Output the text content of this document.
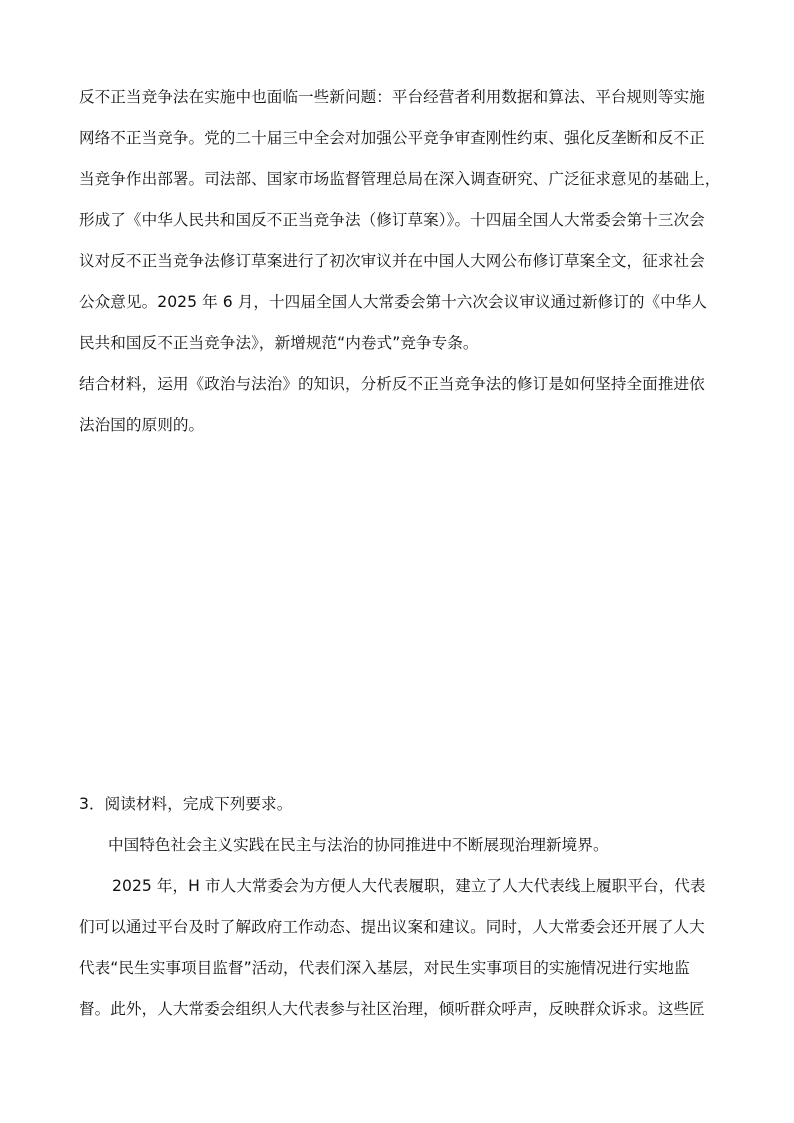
反不正当竞争法在实施中也面临一些新问题：平台经营者利用数据和算法、平台规则等实施
网络不正当竞争。党的二十届三中全会对加强公平竞争审查刚性约束、强化反垄断和反不正
当竞争作出部署。司法部、国家市场监督管理总局在深入调查研究、广泛征求意见的基础上，
形成了《中华人民共和国反不正当竞争法（修订草案）》。十四届全国人大常委会第十三次会
议对反不正当竞争法修订草案进行了初次审议并在中国人大网公布修订草案全文，征求社会
公众意见。2025 年 6 月，十四届全国人大常委会第十六次会议审议通过新修订的《中华人
民共和国反不正当竞争法》，新增规范“内卷式”竞争专条。
结合材料，运用《政治与法治》的知识，分析反不正当竞争法的修订是如何坚持全面推进依
法治国的原则的。
3．阅读材料，完成下列要求。
中国特色社会主义实践在民主与法治的协同推进中不断展现治理新境界。
2025 年，H 市人大常委会为方便人大代表履职，建立了人大代表线上履职平台，代表
们可以通过平台及时了解政府工作动态、提出议案和建议。同时，人大常委会还开展了人大
代表“民生实事项目监督”活动，代表们深入基层，对民生实事项目的实施情况进行实地监
督。此外，人大常委会组织人大代表参与社区治理，倾听群众呼声，反映群众诉求。这些匠
